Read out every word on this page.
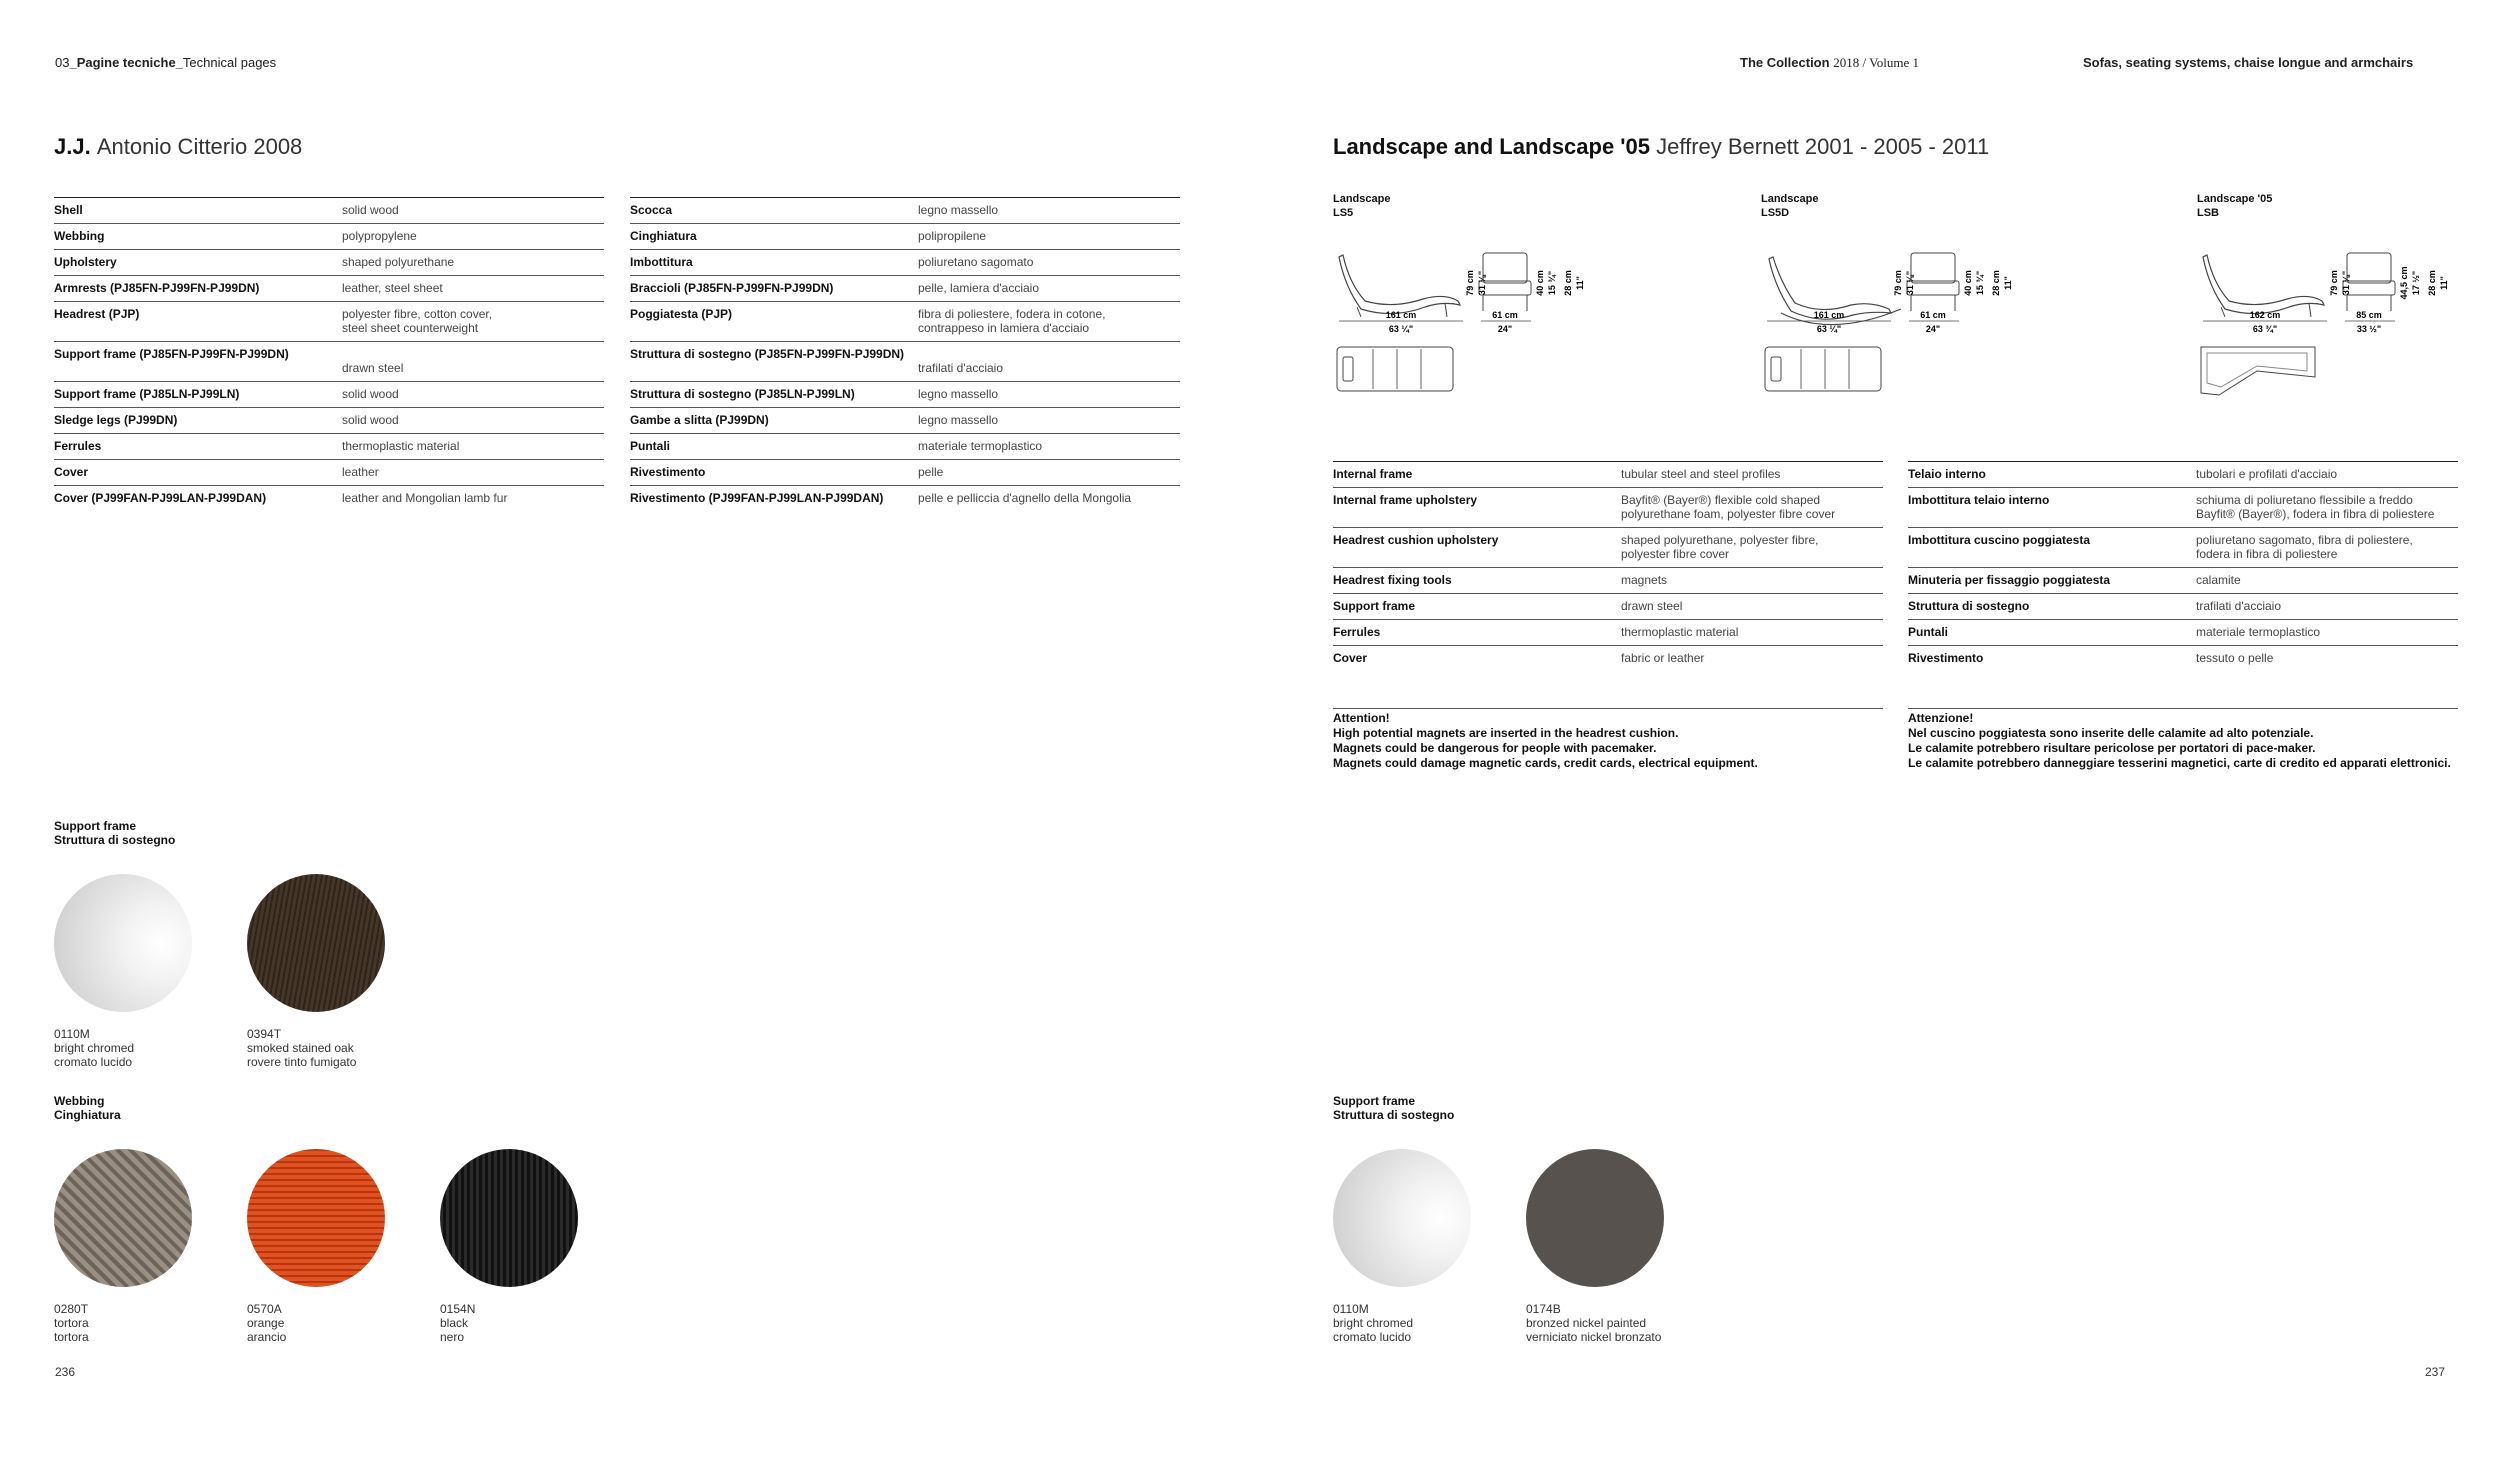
03_Pagine tecniche_Technical pages	The Collection 2018 / Volume 1	Sofas, seating systems, chaise longue and armchairs
J.J. Antonio Citterio 2008
Shell	solid wood
Webbing	polypropylene
Upholstery	shaped polyurethane
Armrests (PJ85FN-PJ99FN-PJ99DN)	leather, steel sheet
Headrest (PJP)	polyester fibre, cotton cover,
steel sheet counterweight
Support frame (PJ85FN-PJ99FN-PJ99DN)	drawn steel
Support frame (PJ85LN-PJ99LN)	solid wood
Sledge legs (PJ99DN)	solid wood
Ferrules	thermoplastic material
Cover	leather
Cover (PJ99FAN-PJ99LAN-PJ99DAN)	leather and Mongolian lamb fur
Scocca	legno massello
Cinghiatura	polipropilene
Imbottitura	poliuretano sagomato
Braccioli (PJ85FN-PJ99FN-PJ99DN)	pelle, lamiera d'acciaio
Poggiatesta (PJP)	fibra di poliestere, fodera in cotone,
contrappeso in lamiera d'acciaio
Struttura di sostegno (PJ85FN-PJ99FN-PJ99DN)	trafilati d'acciaio
Struttura di sostegno (PJ85LN-PJ99LN)	legno massello
Gambe a slitta (PJ99DN)	legno massello
Puntali	materiale termoplastico
Rivestimento	pelle
Rivestimento (PJ99FAN-PJ99LAN-PJ99DAN)	pelle e pelliccia d'agnello della Mongolia
Support frame
Struttura di sostegno
0110M
bright chromed
cromato lucido
0394T
smoked stained oak
rovere tinto fumigato
Webbing
Cinghiatura
0280T
tortora
tortora
0570A
orange
arancio
0154N
black
nero
236
Landscape and Landscape '05 Jeffrey Bernett 2001 - 2005 - 2011
Landscape
LS5
161 cm
63 ¼"
61 cm
24"
79 cm 31 ⅛"	40 cm 15 ¾" 28 cm 11"
Landscape
LS5D
161 cm
63 ¼"
61 cm
24"
79 cm 31 ⅛"	40 cm 15 ¾" 28 cm 11"
Landscape '05
LSB
162 cm
63 ¾"
85 cm
33 ½"
79 cm 31 ⅛"	44,5 cm 17 ½" 28 cm 11"
Internal frame	tubular steel and steel profiles
Internal frame upholstery	Bayfit® (Bayer®) flexible cold shaped
polyurethane foam, polyester fibre cover
Headrest cushion upholstery	shaped polyurethane, polyester fibre,
polyester fibre cover
Headrest fixing tools	magnets
Support frame	drawn steel
Ferrules	thermoplastic material
Cover	fabric or leather
Telaio interno	tubolari e profilati d'acciaio
Imbottitura telaio interno	schiuma di poliuretano flessibile a freddo
Bayfit® (Bayer®), fodera in fibra di poliestere
Imbottitura cuscino poggiatesta	poliuretano sagomato, fibra di poliestere,
fodera in fibra di poliestere
Minuteria per fissaggio poggiatesta	calamite
Struttura di sostegno	trafilati d'acciaio
Puntali	materiale termoplastico
Rivestimento	tessuto o pelle
Attention!
High potential magnets are inserted in the headrest cushion.
Magnets could be dangerous for people with pacemaker.
Magnets could damage magnetic cards, credit cards, electrical equipment.
Attenzione!
Nel cuscino poggiatesta sono inserite delle calamite ad alto potenziale.
Le calamite potrebbero risultare pericolose per portatori di pace-maker.
Le calamite potrebbero danneggiare tesserini magnetici, carte di credito ed apparati elettronici.
Support frame
Struttura di sostegno
0110M
bright chromed
cromato lucido
0174B
bronzed nickel painted
verniciato nickel bronzato
237
